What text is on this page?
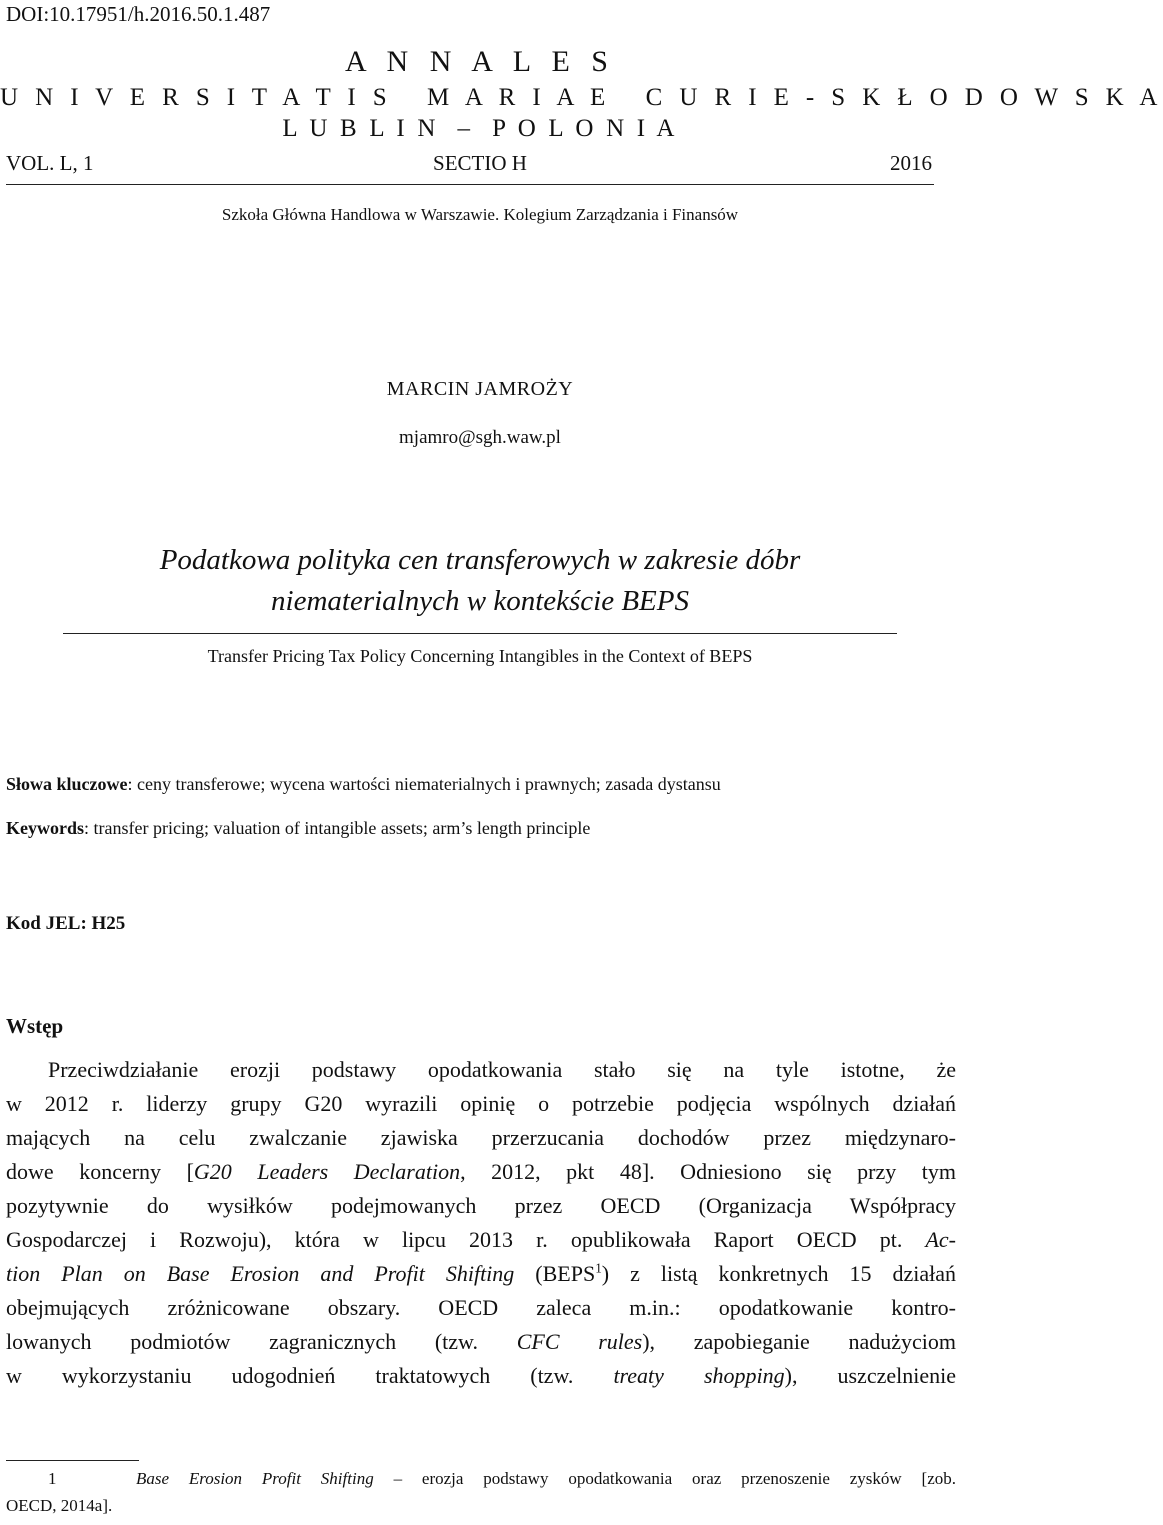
DOI:10.17951/h.2016.50.1.487
A N N A L E S
U N I V E R S I T A T I S   M A R I A E   C U R I E - S K Ł O D O W S K A
L U B L I N  –  P O L O N I A
VOL. L, 1	SECTIO H	2016
Szkoła Główna Handlowa w Warszawie. Kolegium Zarządzania i Finansów
MARCIN JAMROŻY
mjamro@sgh.waw.pl
Podatkowa polityka cen transferowych w zakresie dóbr
niematerialnych w kontekście BEPS
Transfer Pricing Tax Policy Concerning Intangibles in the Context of BEPS
Słowa kluczowe: ceny transferowe; wycena wartości niematerialnych i prawnych; zasada dystansu
Keywords: transfer pricing; valuation of intangible assets; arm’s length principle
Kod JEL: H25
Wstęp
Przeciwdziałanie erozji podstawy opodatkowania stało się na tyle istotne, że
w 2012 r. liderzy grupy G20 wyrazili opinię o potrzebie podjęcia wspólnych działań
mających na celu zwalczanie zjawiska przerzucania dochodów przez międzynaro-
dowe koncerny [G20 Leaders Declaration, 2012, pkt 48]. Odniesiono się przy tym
pozytywnie do wysiłków podejmowanych przez OECD (Organizacja Współpracy
Gospodarczej i Rozwoju), która w lipcu 2013 r. opublikowała Raport OECD pt. Ac-
tion Plan on Base Erosion and Profit Shifting (BEPS$^1$) z listą konkretnych 15 działań
obejmujących zróżnicowane obszary. OECD zaleca m.in.: opodatkowanie kontro-
lowanych podmiotów zagranicznych (tzw. CFC rules), zapobieganie nadużyciom
w wykorzystaniu udogodnień traktatowych (tzw. treaty shopping), uszczelnienie
1	Base Erosion Profit Shifting – erozja podstawy opodatkowania oraz przenoszenie zysków [zob.
OECD, 2014a].
